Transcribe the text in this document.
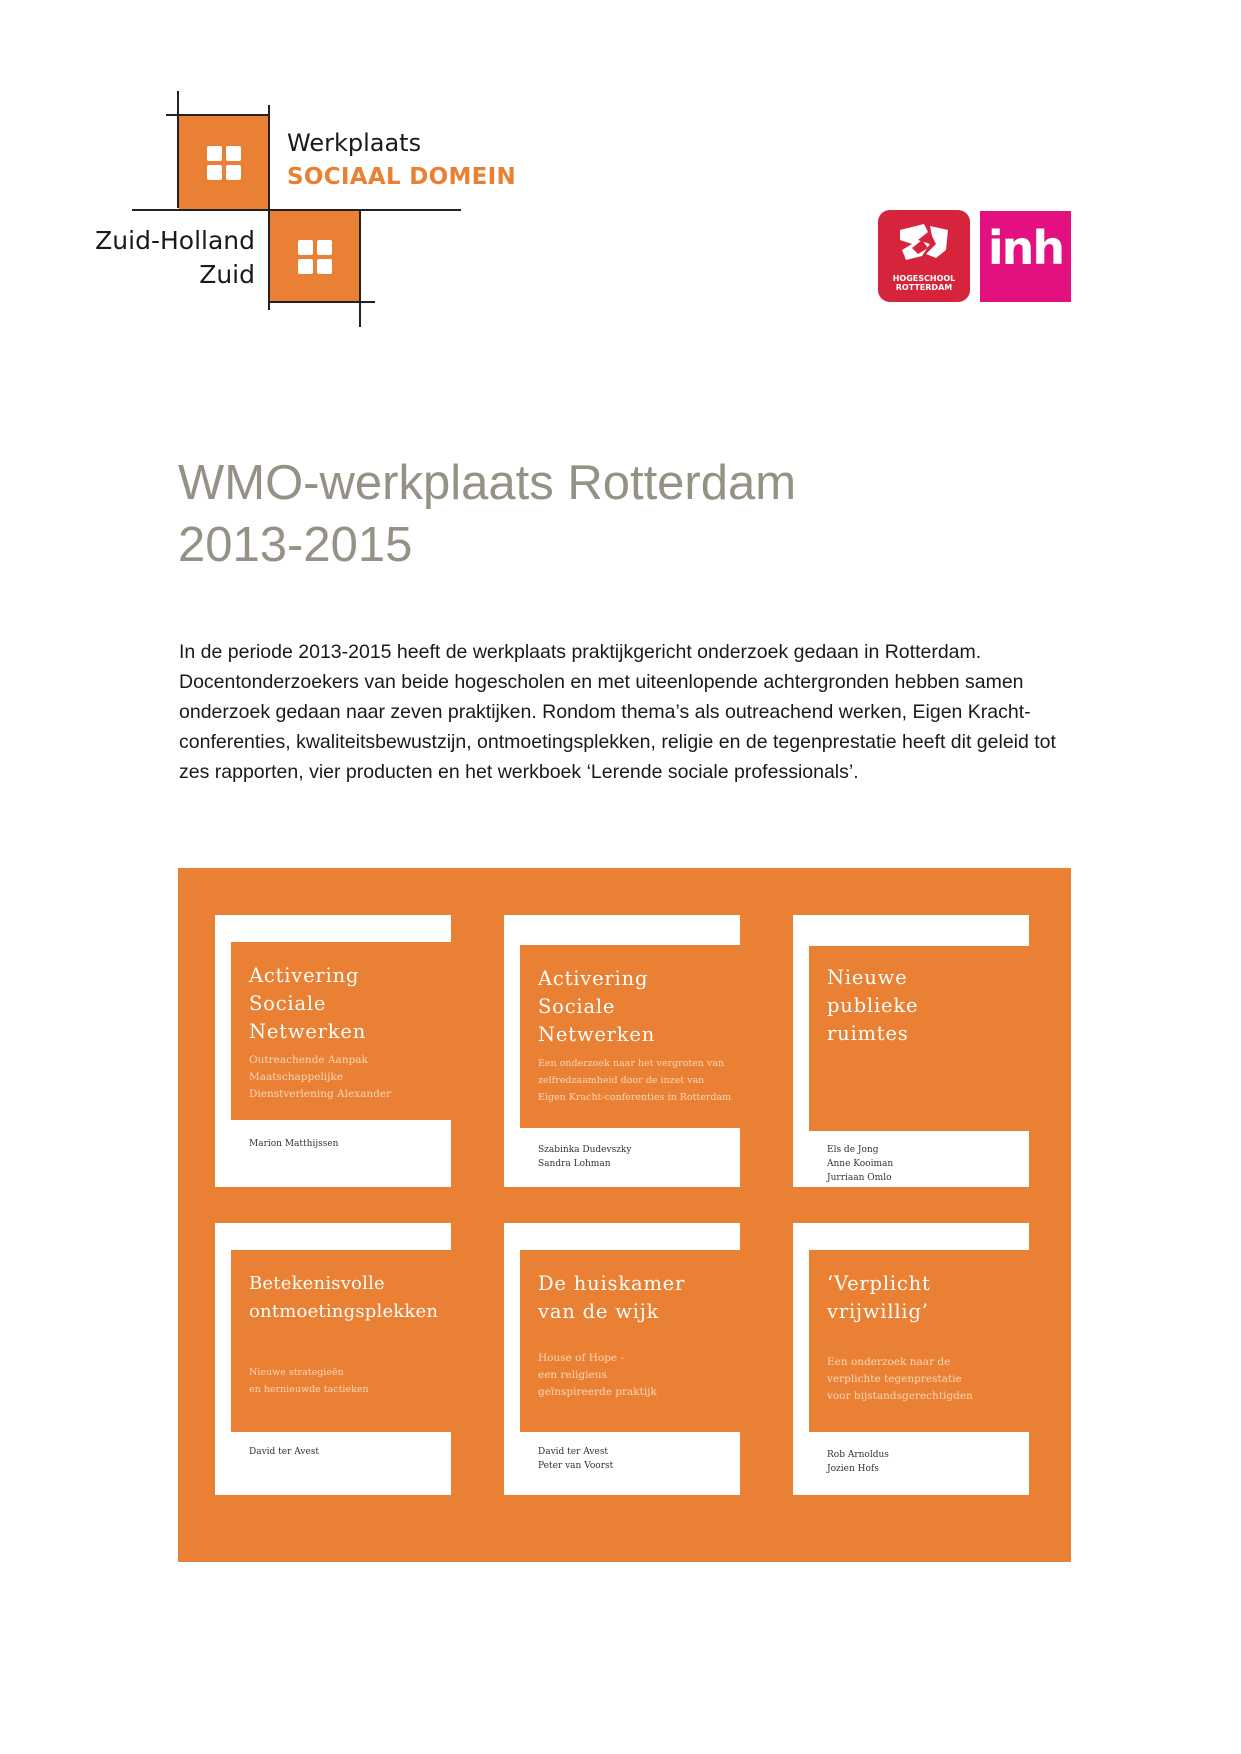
Werkplaats
SOCIAAL DOMEIN
Zuid-Holland
Zuid	HOGESCHOOL
ROTTERDAM
inh
WMO-werkplaats Rotterdam
2013-2015

In de periode 2013-2015 heeft de werkplaats praktijkgericht onderzoek gedaan in Rotterdam. Docentonderzoekers van beide hogescholen en met uiteenlopende achtergronden hebben samen onderzoek gedaan naar zeven praktijken. Rondom thema’s als outreachend werken, Eigen Kracht-conferenties, kwaliteitsbewustzijn, ontmoetingsplekken, religie en de tegenprestatie heeft dit geleid tot zes rapporten, vier producten en het werkboek ‘Lerende sociale professionals’.

Activering
Sociale
Netwerken
Outreachende Aanpak
Maatschappelijke
Dienstverlening Alexander
Marion Matthijssen
Activering
Sociale
Netwerken
Een onderzoek naar het vergroten van
zelfredzaamheid door de inzet van
Eigen Kracht-conferenties in Rotterdam
Szabinka Dudevszky
Sandra Lohman
Nieuwe
publieke
ruimtes
Els de Jong
Anne Kooiman
Jurriaan Omlo
Betekenisvolle
ontmoetingsplekken
Nieuwe strategieën
en hernieuwde tactieken
David ter Avest
De huiskamer
van de wijk
House of Hope -
een religieus
geïnspireerde praktijk
David ter Avest
Peter van Voorst
‘Verplicht
vrijwillig’
Een onderzoek naar de
verplichte tegenprestatie
voor bijstandsgerechtigden
Rob Arnoldus
Jozien Hofs
